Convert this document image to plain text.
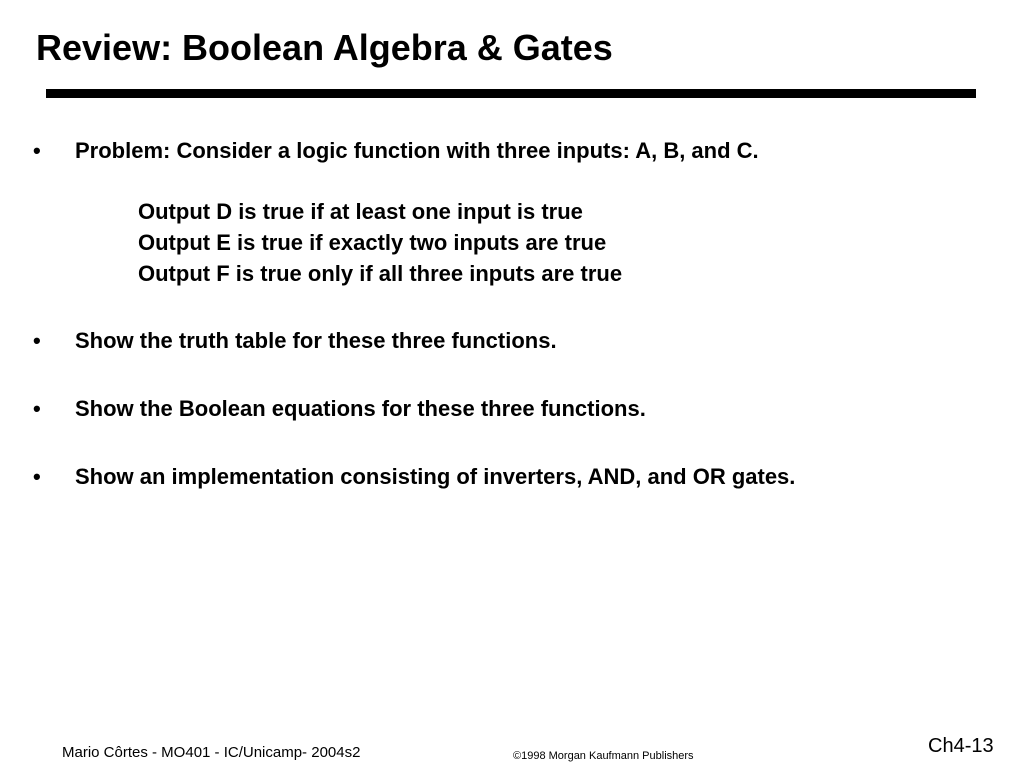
Review: Boolean Algebra & Gates
• Problem: Consider a logic function with three inputs: A, B, and C.
Output D is true if at least one input is true
Output E is true if exactly two inputs are true
Output F is true only if all three inputs are true
• Show the truth table for these three functions.
• Show the Boolean equations for these three functions.
• Show an implementation consisting of inverters, AND, and OR gates.
Mario Côrtes - MO401 - IC/Unicamp- 2004s2	©1998 Morgan Kaufmann Publishers	Ch4-13
